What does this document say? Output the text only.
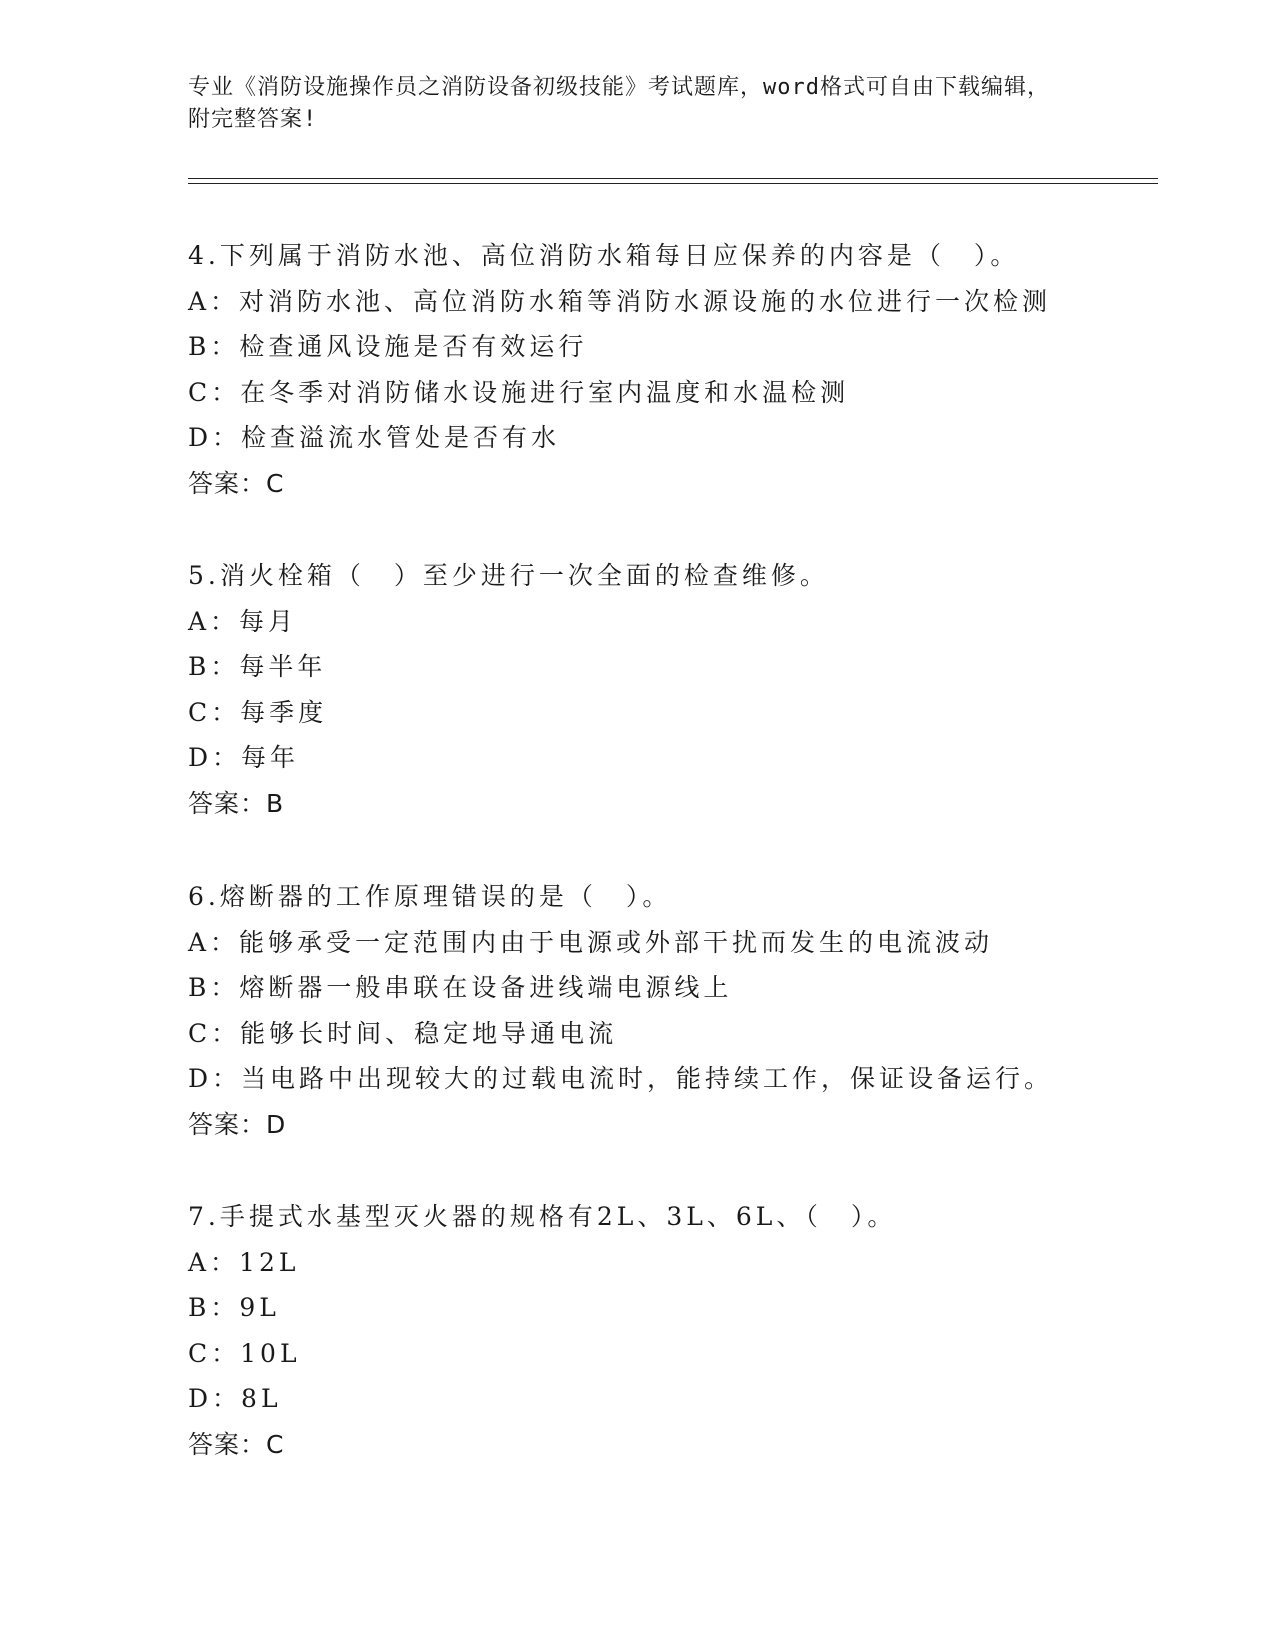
专业《消防设施操作员之消防设备初级技能》考试题库，word格式可自由下载编辑，附完整答案!
4.下列属于消防水池、高位消防水箱每日应保养的内容是（　）。
A：对消防水池、高位消防水箱等消防水源设施的水位进行一次检测
B：检查通风设施是否有效运行
C：在冬季对消防储水设施进行室内温度和水温检测
D：检查溢流水管处是否有水
答案：C
5.消火栓箱（　）至少进行一次全面的检查维修。
A：每月
B：每半年
C：每季度
D：每年
答案：B
6.熔断器的工作原理错误的是（　）。
A：能够承受一定范围内由于电源或外部干扰而发生的电流波动
B：熔断器一般串联在设备进线端电源线上
C：能够长时间、稳定地导通电流
D：当电路中出现较大的过载电流时，能持续工作，保证设备运行。
答案：D
7.手提式水基型灭火器的规格有2L、3L、6L、（　）。
A：12L
B：9L
C：10L
D：8L
答案：C
